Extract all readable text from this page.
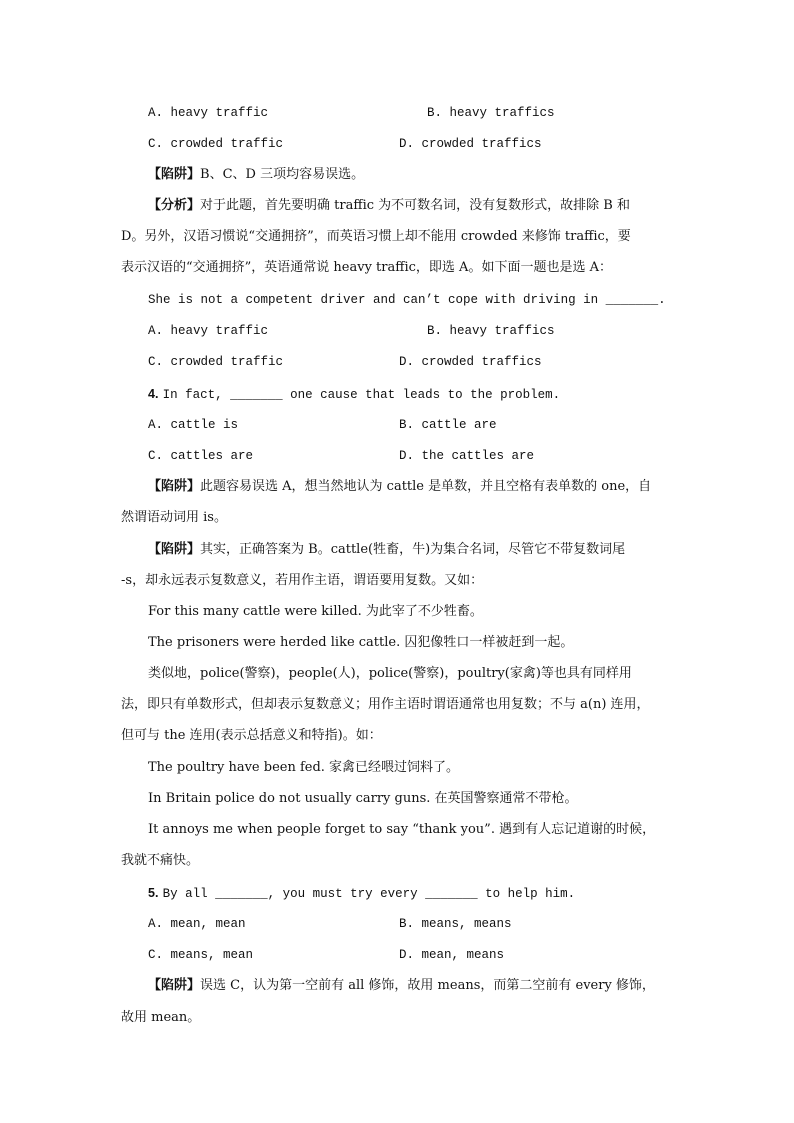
A. heavy traffic	B. heavy traffics
C. crowded traffic	D. crowded traffics
【陷阱】B、C、D 三项均容易误选。
【分析】对于此题，首先要明确 traffic 为不可数名词，没有复数形式，故排除 B 和
D。另外，汉语习惯说“交通拥挤”，而英语习惯上却不能用 crowded 来修饰 traffic，要
表示汉语的“交通拥挤”，英语通常说 heavy traffic，即选 A。如下面一题也是选 A：
She is not a competent driver and can’t cope with driving in _______.
A. heavy traffic	B. heavy traffics
C. crowded traffic	D. crowded traffics
4. In fact, _______ one cause that leads to the problem.
A. cattle is	B. cattle are
C. cattles are	D. the cattles are
【陷阱】此题容易误选 A，想当然地认为 cattle 是单数，并且空格有表单数的 one，自
然谓语动词用 is。
【陷阱】其实，正确答案为 B。cattle(牲畜，牛)为集合名词，尽管它不带复数词尾
-s，却永远表示复数意义，若用作主语，谓语要用复数。又如：
For this many cattle were killed. 为此宰了不少牲畜。
The prisoners were herded like cattle. 囚犯像牲口一样被赶到一起。
类似地，police(警察)，people(人)，police(警察)，poultry(家禽)等也具有同样用
法，即只有单数形式，但却表示复数意义；用作主语时谓语通常也用复数；不与 a(n) 连用，
但可与 the 连用(表示总括意义和特指)。如：
The poultry have been fed. 家禽已经喂过饲料了。
In Britain police do not usually carry guns. 在英国警察通常不带枪。
It annoys me when people forget to say “thank you”. 遇到有人忘记道谢的时候，
我就不痛快。
5. By all _______, you must try every _______ to help him.
A. mean, mean	B. means, means
C. means, mean	D. mean, means
【陷阱】误选 C，认为第一空前有 all 修饰，故用 means，而第二空前有 every 修饰，
故用 mean。
